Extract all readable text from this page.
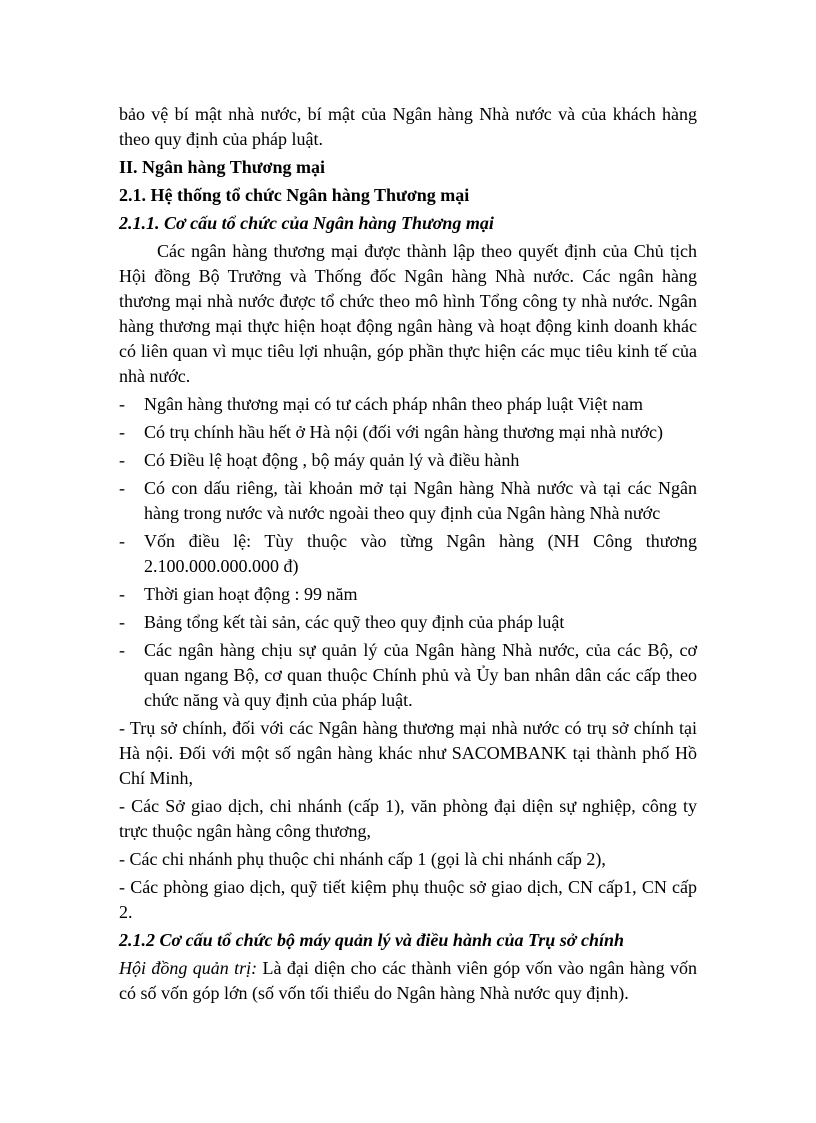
bảo vệ bí mật nhà nước, bí mật của Ngân hàng Nhà nước và của khách hàng theo quy định của pháp luật.

II. Ngân hàng Thương mại

2.1. Hệ thống tổ chức Ngân hàng Thương mại

2.1.1. Cơ cấu tổ chức của Ngân hàng Thương mại

Các ngân hàng thương mại được thành lập theo quyết định của Chủ tịch Hội đồng Bộ Trưởng và Thống đốc Ngân hàng Nhà nước. Các ngân hàng thương mại nhà nước được tổ chức theo mô hình Tổng công ty nhà nước. Ngân hàng thương mại thực hiện hoạt động ngân hàng và hoạt động kinh doanh khác có liên quan vì mục tiêu lợi nhuận, góp phần thực hiện các mục tiêu kinh tế của nhà nước.

- Ngân hàng thương mại có tư cách pháp nhân theo pháp luật Việt nam

- Có trụ chính hầu hết ở Hà nội (đối với ngân hàng thương mại nhà nước)

- Có Điều lệ hoạt động , bộ máy quản lý và điều hành

- Có con dấu riêng, tài khoản mở tại Ngân hàng Nhà nước và tại các Ngân hàng trong nước và nước ngoài theo quy định của Ngân hàng Nhà nước

- Vốn điều lệ: Tùy thuộc vào từng Ngân hàng (NH Công thương 2.100.000.000.000 đ)

- Thời gian hoạt động : 99 năm

- Bảng tổng kết tài sản, các quỹ theo quy định của pháp luật

- Các ngân hàng chịu sự quản lý của Ngân hàng Nhà nước, của các Bộ, cơ quan ngang Bộ, cơ quan thuộc Chính phủ và Ủy ban nhân dân các cấp theo chức năng và quy định của pháp luật.

- Trụ sở chính, đối với các Ngân hàng thương mại nhà nước có trụ sở chính tại Hà nội. Đối với một số ngân hàng khác như SACOMBANK tại thành phố Hồ Chí Minh,

- Các Sở giao dịch, chi nhánh (cấp 1), văn phòng đại diện sự nghiệp, công ty trực thuộc ngân hàng công thương,

- Các chi nhánh phụ thuộc chi nhánh cấp 1 (gọi là chi nhánh cấp 2),

- Các phòng giao dịch, quỹ tiết kiệm phụ thuộc sở giao dịch, CN cấp1, CN cấp 2.

2.1.2 Cơ cấu tổ chức bộ máy quản lý và điều hành của Trụ sở chính

Hội đồng quản trị: Là đại diện cho các thành viên góp vốn vào ngân hàng vốn có số vốn góp lớn (số vốn tối thiểu do Ngân hàng Nhà nước quy định).
